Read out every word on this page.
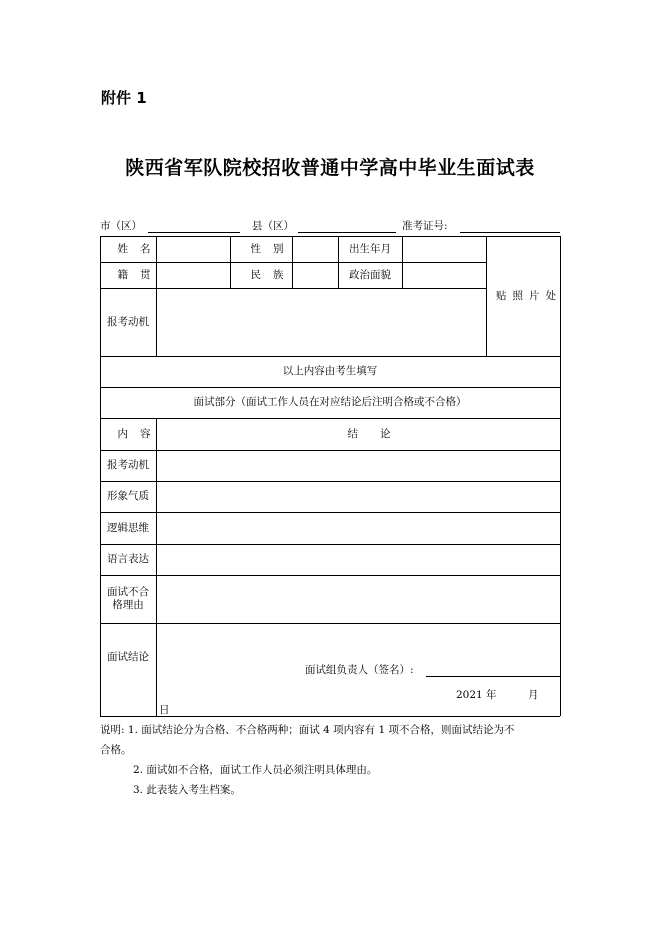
附件 1
陕西省军队院校招收普通中学高中毕业生面试表
市（区）	县（区）	准考证号:
姓名	性别	出生年月
籍贯	民族	政治面貌
贴照片处
报考动机
以上内容由考生填写
面试部分（面试工作人员在对应结论后注明合格或不合格）
内容	结论
报考动机
形象气质
逻辑思维
语言表达
面试不合格理由
面试结论
面试组负责人（签名）:
2021 年	月
日
说明: 1. 面试结论分为合格、不合格两种；面试 4 项内容有 1 项不合格，则面试结论为不
合格。
2. 面试如不合格，面试工作人员必须注明具体理由。
3. 此表装入考生档案。
